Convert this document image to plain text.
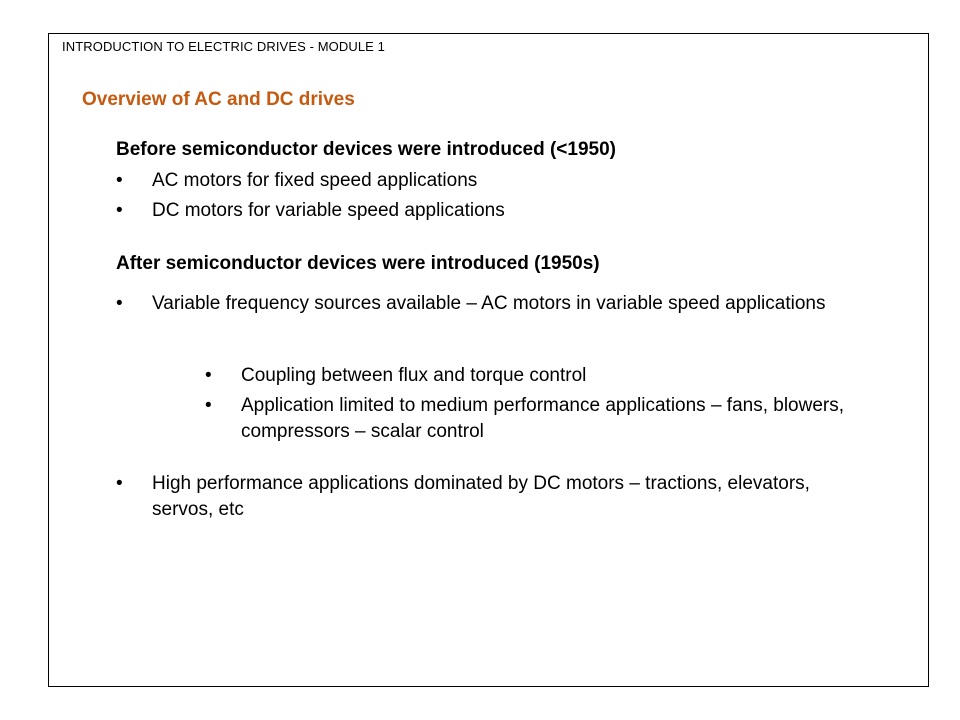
INTRODUCTION TO ELECTRIC DRIVES - MODULE 1
Overview of AC and DC drives
Before semiconductor devices were introduced (<1950)
• AC motors for fixed speed applications
• DC motors for variable speed applications
After semiconductor devices were introduced (1950s)
• Variable frequency sources available – AC motors in variable speed applications
• Coupling between flux and torque control
• Application limited to medium performance applications – fans, blowers, compressors – scalar control
• High performance applications dominated by DC motors – tractions, elevators, servos, etc
